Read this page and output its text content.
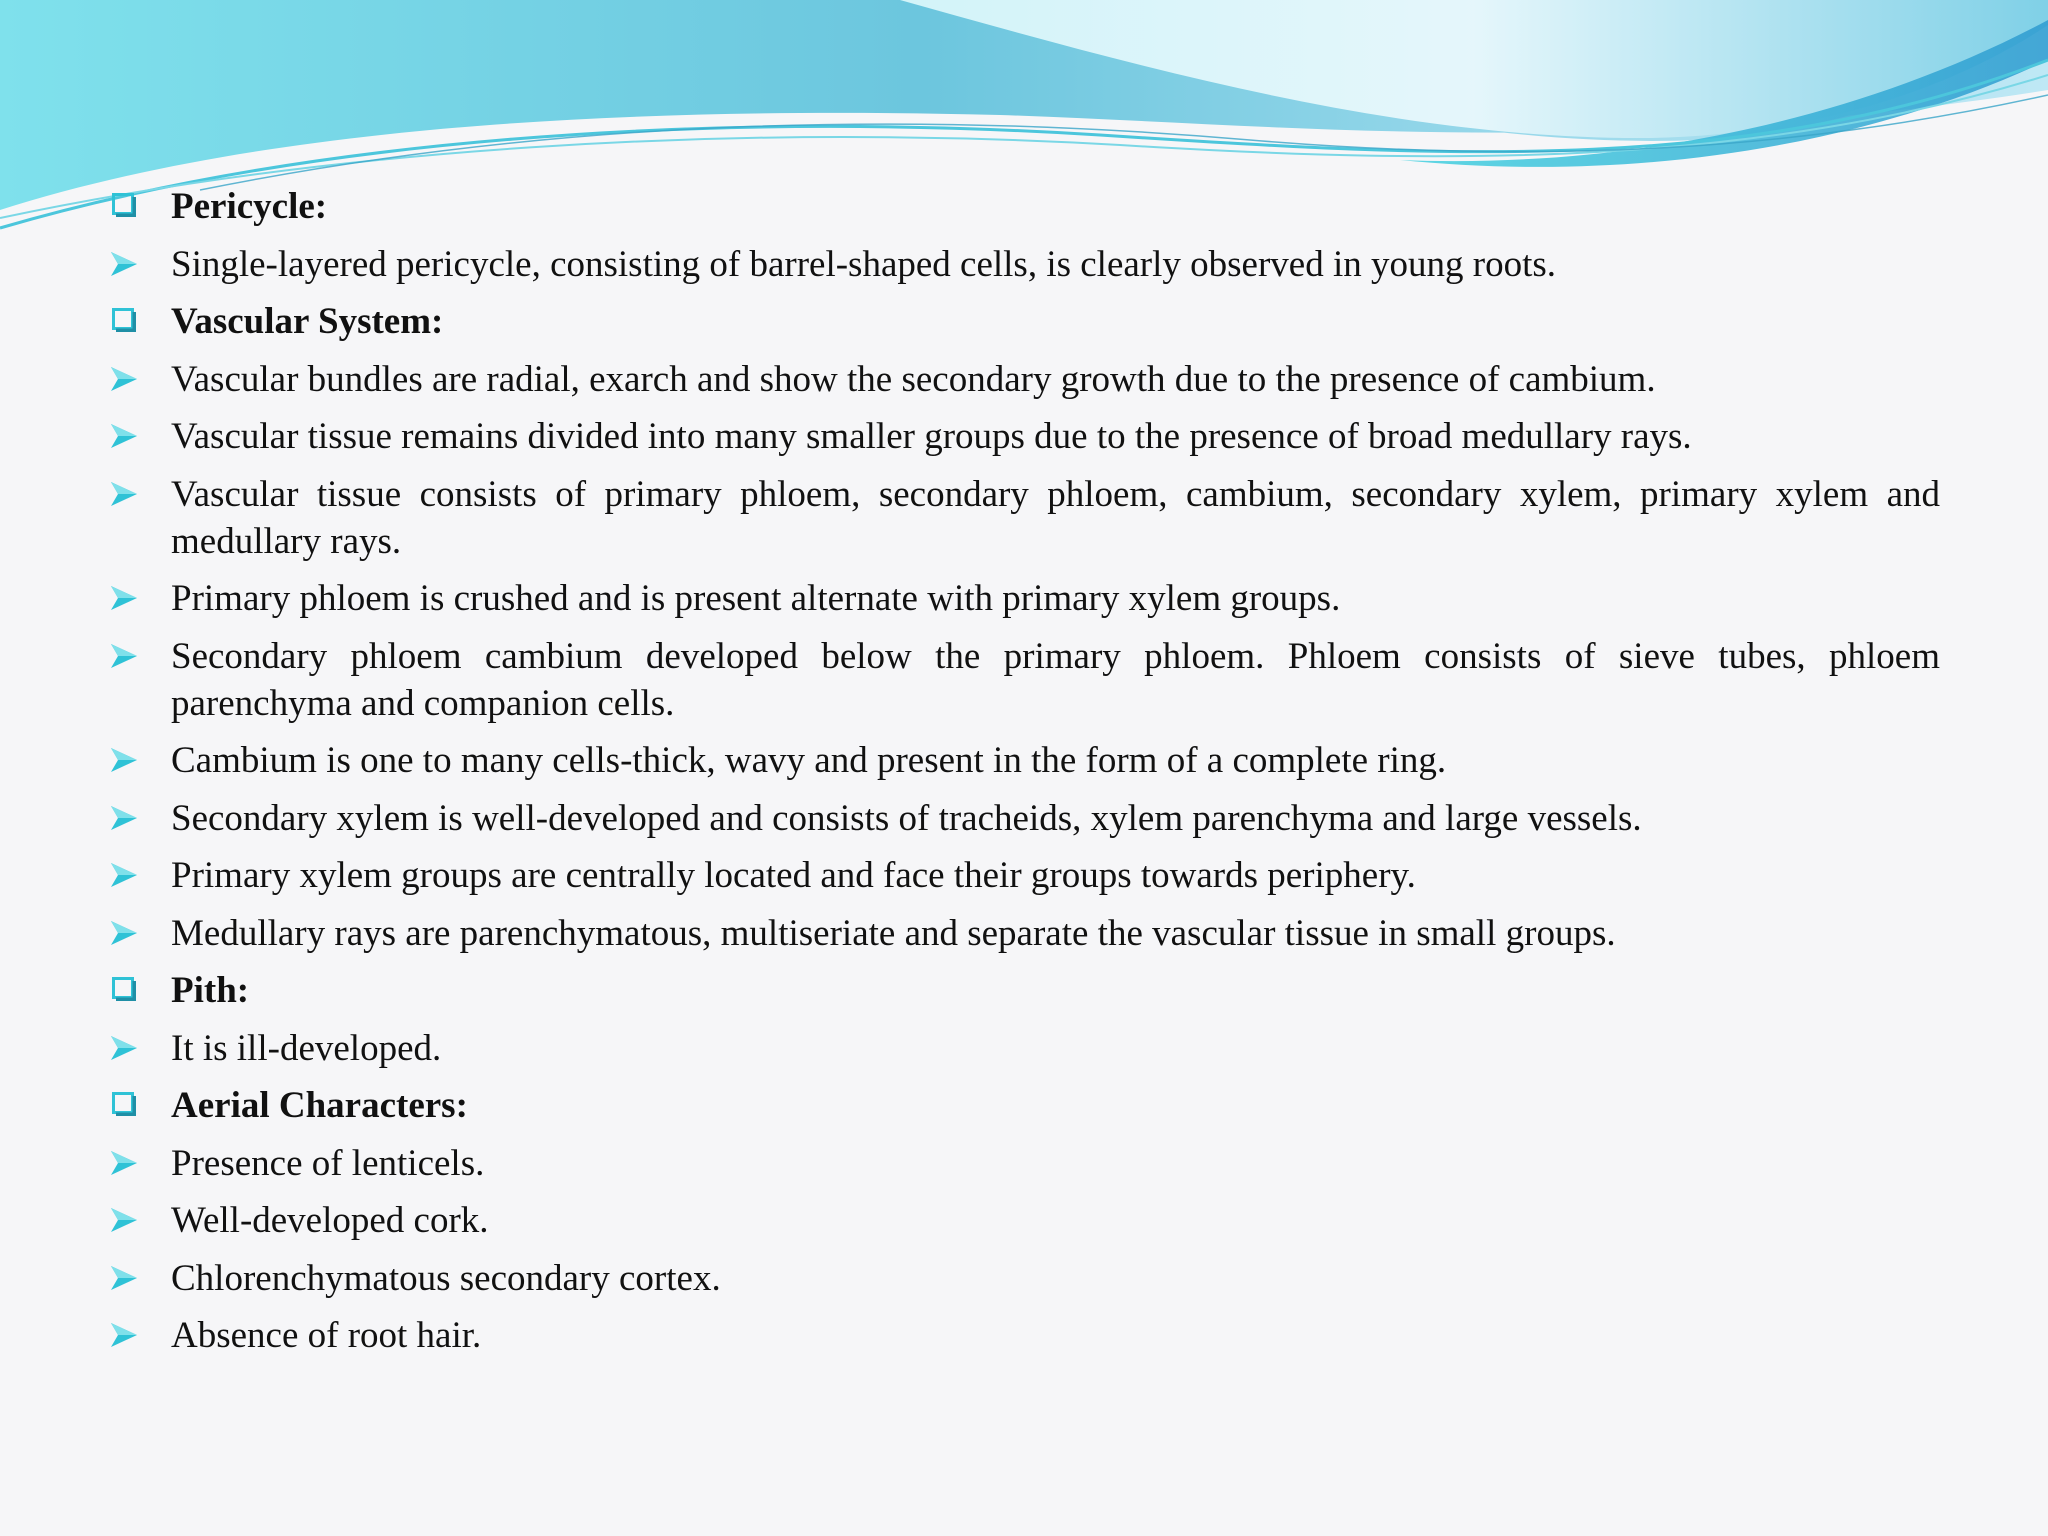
Pericycle:
Single-layered pericycle, consisting of barrel-shaped cells, is clearly observed in young roots.
Vascular System:
Vascular bundles are radial, exarch and show the secondary growth due to the presence of cambium.
Vascular tissue remains divided into many smaller groups due to the presence of broad medullary rays.
Vascular tissue consists of primary phloem, secondary phloem, cambium, secondary xylem, primary xylem and medullary rays.
Primary phloem is crushed and is present alternate with primary xylem groups.
Secondary phloem cambium developed below the primary phloem. Phloem consists of sieve tubes, phloem parenchyma and companion cells.
Cambium is one to many cells-thick, wavy and present in the form of a complete ring.
Secondary xylem is well-developed and consists of tracheids, xylem parenchyma and large vessels.
Primary xylem groups are centrally located and face their groups towards periphery.
Medullary rays are parenchymatous, multiseriate and separate the vascular tissue in small groups.
Pith:
It is ill-developed.
Aerial Characters:
Presence of lenticels.
Well-developed cork.
Chlorenchymatous secondary cortex.
Absence of root hair.
